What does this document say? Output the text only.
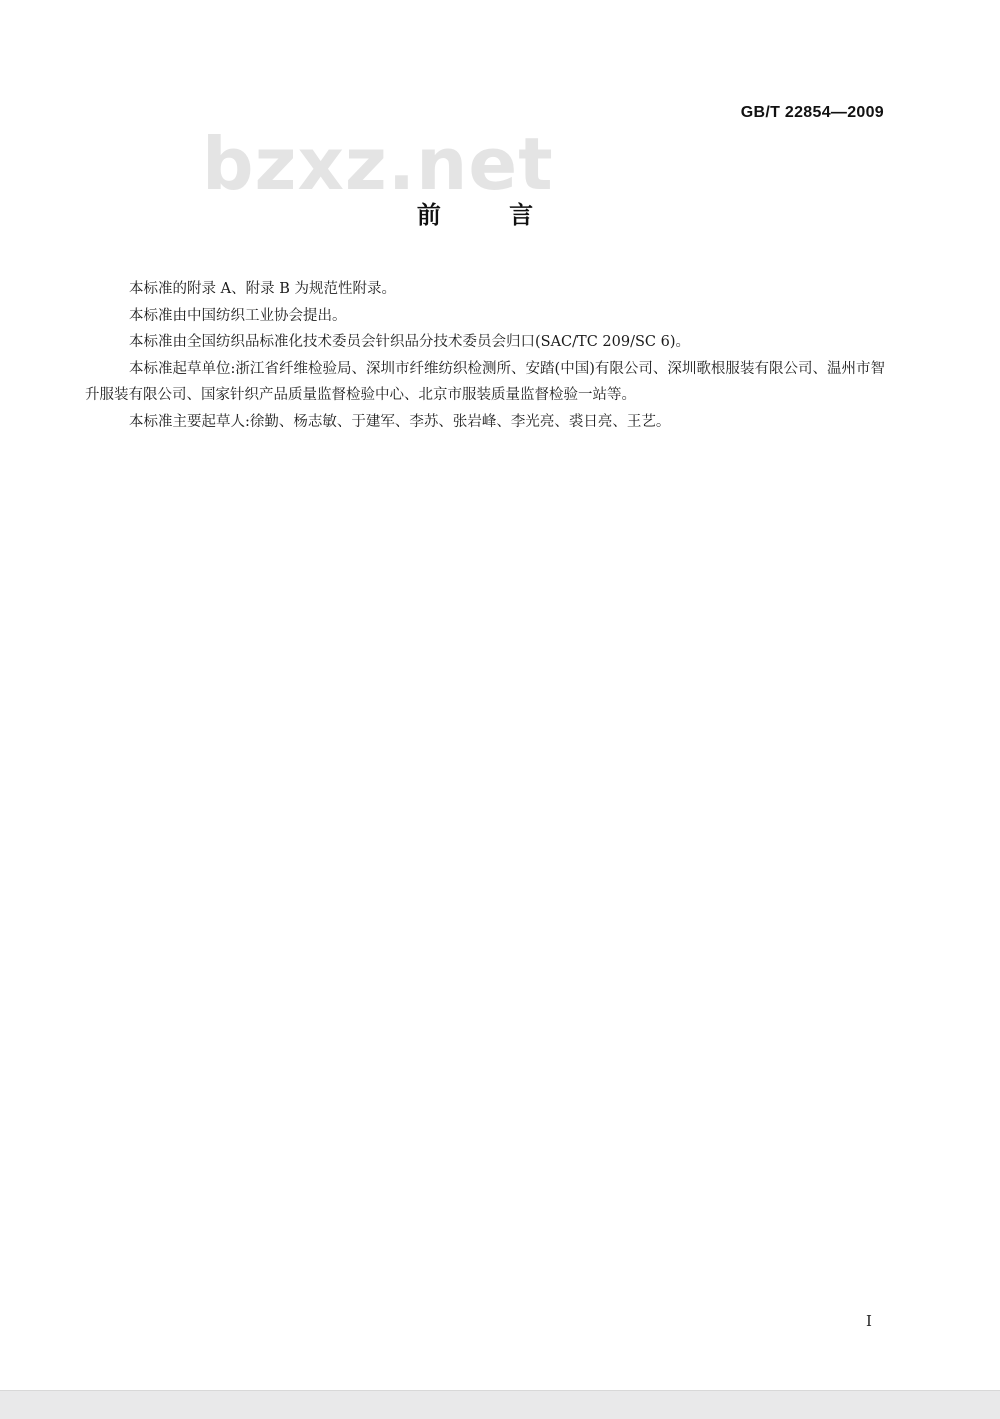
GB/T 22854—2009
bzxz.net
前 言

本标准的附录 A、附录 B 为规范性附录。

本标准由中国纺织工业协会提出。

本标准由全国纺织品标准化技术委员会针织品分技术委员会归口(SAC/TC 209/SC 6)。

本标准起草单位:浙江省纤维检验局、深圳市纤维纺织检测所、安踏(中国)有限公司、深圳歌根服装有限公司、温州市智升服装有限公司、国家针织产品质量监督检验中心、北京市服装质量监督检验一站等。

本标准主要起草人:徐勤、杨志敏、于建军、李苏、张岩峰、李光亮、裘日亮、王艺。

I
